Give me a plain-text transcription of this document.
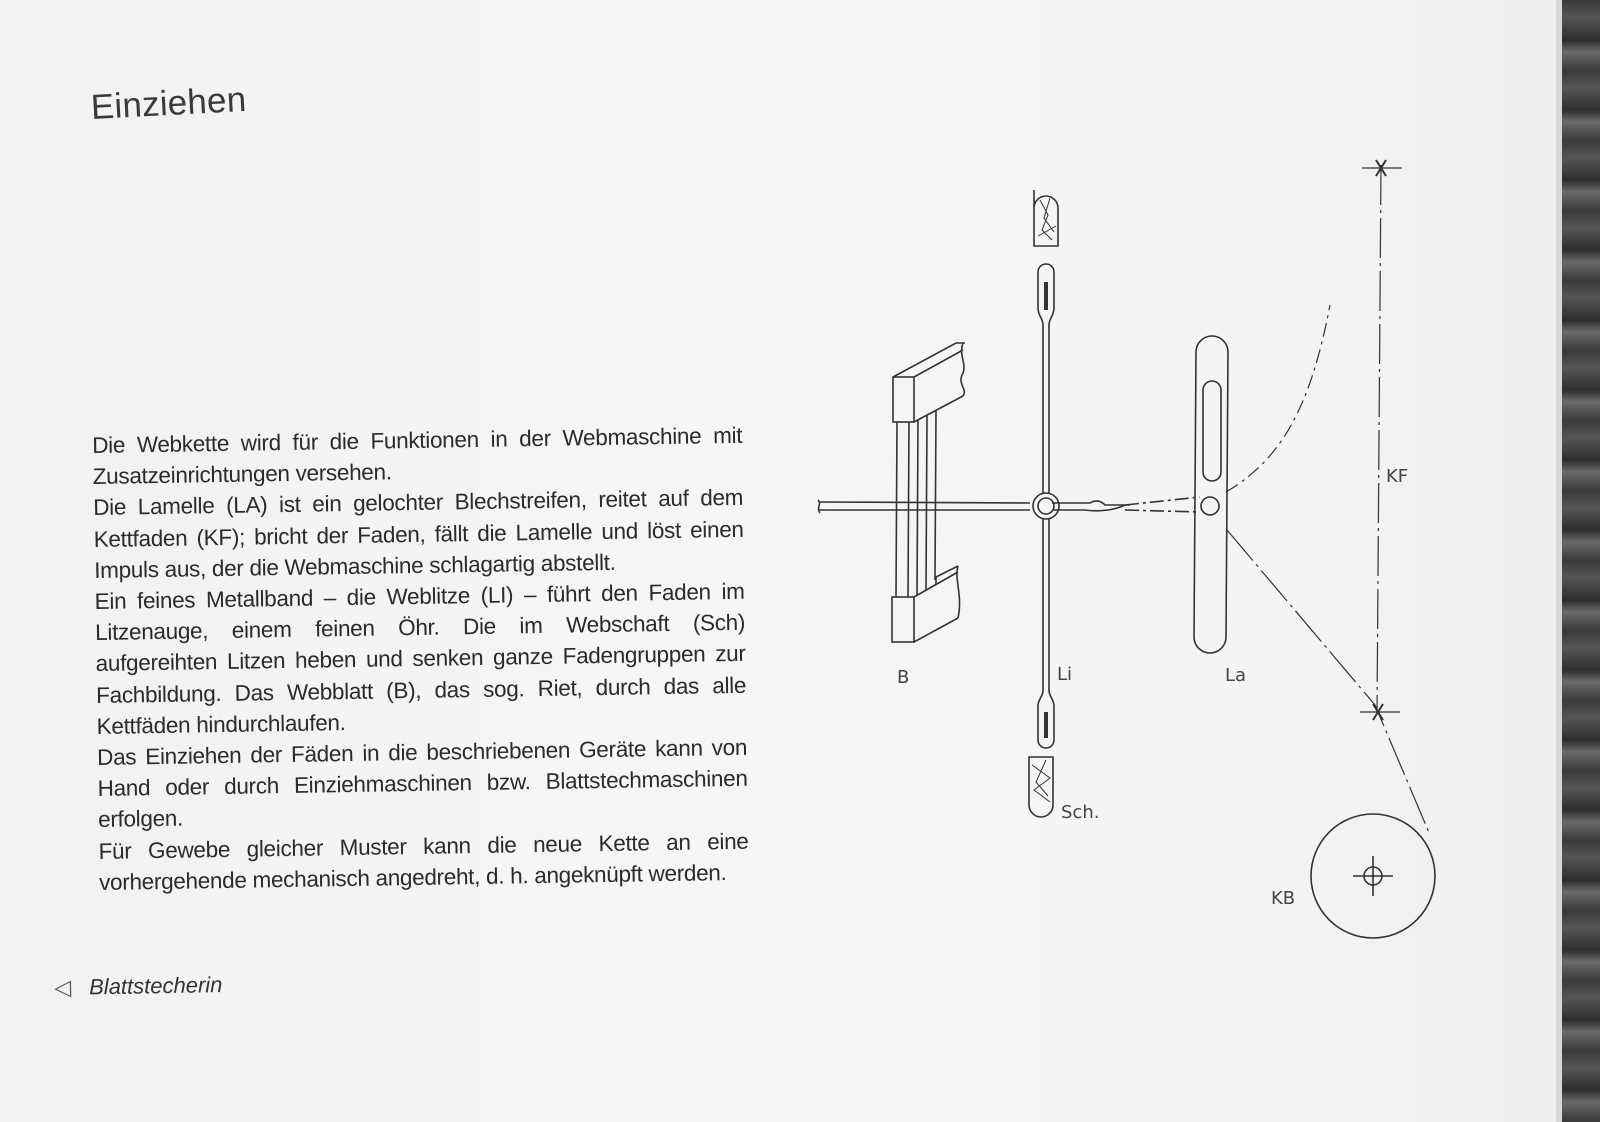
Einziehen

Die Webkette wird für die Funktionen in der Webmaschine mit Zusatzeinrichtungen versehen.

Die Lamelle (LA) ist ein gelochter Blechstreifen, reitet auf dem Kettfaden (KF); bricht der Faden, fällt die Lamelle und löst einen Impuls aus, der die Webmaschine schlagartig abstellt.

Ein feines Metallband – die Weblitze (LI) – führt den Faden im Litzenauge, einem feinen Öhr. Die im Webschaft (Sch) aufgereihten Litzen heben und senken ganze Fadengruppen zur Fachbildung. Das Webblatt (B), das sog. Riet, durch das alle Kettfäden hindurchlaufen.

Das Einziehen der Fäden in die beschriebenen Geräte kann von Hand oder durch Einziehmaschinen bzw. Blattstechmaschinen erfolgen.

Für Gewebe gleicher Muster kann die neue Kette an eine vorhergehende mechanisch angedreht, d. h. angeknüpft werden.

◁ Blattstecherin
B	Li	La
KF
Sch.
KB
